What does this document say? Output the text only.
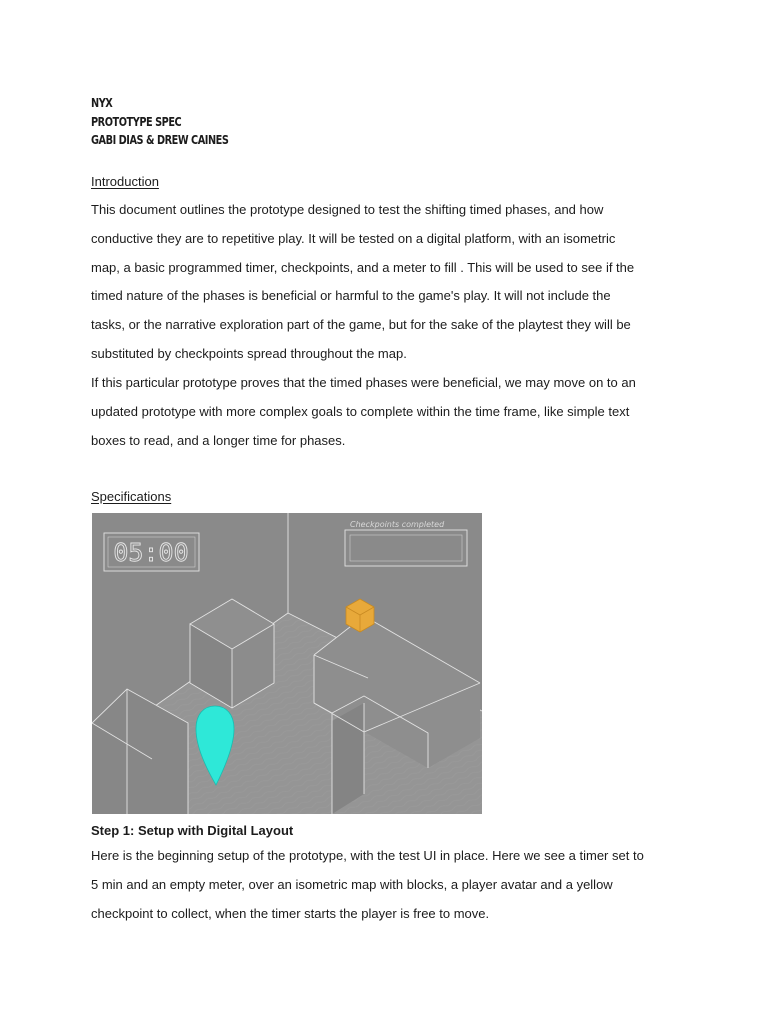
NYX
PROTOTYPE SPEC
GABI DIAS & DREW CAINES
Introduction

This document outlines the prototype designed to test the shifting timed phases, and how
conductive they are to repetitive play. It will be tested on a digital platform, with an isometric
map, a basic programmed timer, checkpoints, and a meter to fill . This will be used to see if the
timed nature of the phases is beneficial or harmful to the game's play. It will not include the
tasks, or the narrative exploration part of the game, but for the sake of the playtest they will be
substituted by checkpoints spread throughout the map.

If this particular prototype proves that the timed phases were beneficial, we may move on to an
updated prototype with more complex goals to complete within the time frame, like simple text
boxes to read, and a longer time for phases.

Specifications
05:00
Checkpoints completed
Step 1: Setup with Digital Layout

Here is the beginning setup of the prototype, with the test UI in place. Here we see a timer set to
5 min and an empty meter, over an isometric map with blocks, a player avatar and a yellow
checkpoint to collect, when the timer starts the player is free to move.
